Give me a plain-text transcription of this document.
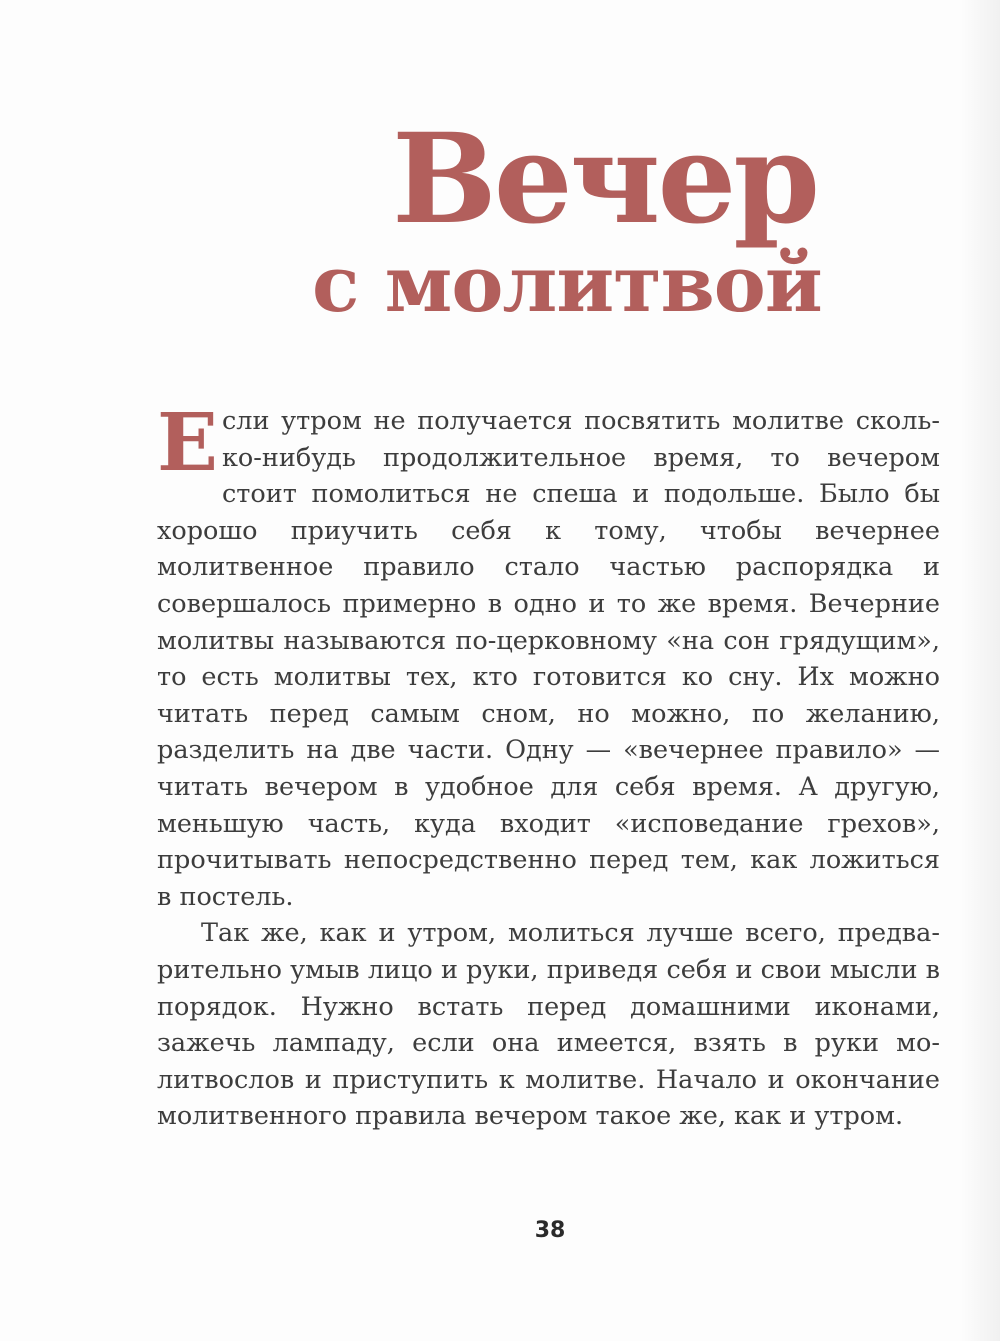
Вечер
с молитвой

Если утром не получается посвятить молитве сколько-нибудь продолжительное время, то вечером стоит помолиться не спеша и подольше. Было бы хорошо приучить себя к тому, чтобы вечернее молитвенное правило стало частью распорядка и совершалось примерно в одно и то же время. Вечерние молитвы называются по-церковному «на сон грядущим», то есть молитвы тех, кто готовится ко сну. Их можно читать перед самым сном, но можно, по желанию, разделить на две части. Одну — «вечернее правило» — читать вечером в удобное для себя время. А другую, меньшую часть, куда входит «исповедание грехов», прочитывать непосредственно перед тем, как ложиться в постель.

Так же, как и утром, молиться лучше всего, предварительно умыв лицо и руки, приведя себя и свои мысли в порядок. Нужно встать перед домашними иконами, зажечь лампаду, если она имеется, взять в руки молитвослов и приступить к молитве. Начало и окончание молитвенного правила вечером такое же, как и утром.

38
